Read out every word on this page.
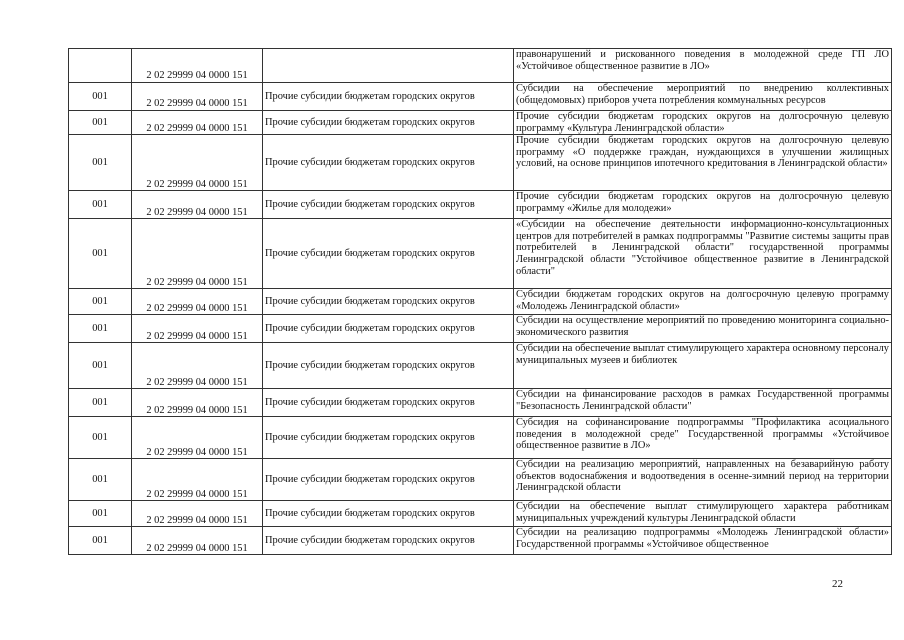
	2 02 29999 04 0000 151		правонарушений и рискованного поведения в молодежной среде ГП ЛО «Устойчивое общественное развитие в ЛО»
001	2 02 29999 04 0000 151	Прочие субсидии бюджетам городских округов	Субсидии на обеспечение мероприятий по внедрению коллективных (общедомовых) приборов учета потребления коммунальных ресурсов
001	2 02 29999 04 0000 151	Прочие субсидии бюджетам городских округов	Прочие субсидии бюджетам городских округов на долгосрочную целевую программу «Культура Ленинградской области»
001	2 02 29999 04 0000 151	Прочие субсидии бюджетам городских округов	Прочие субсидии бюджетам городских округов на долгосрочную целевую программу «О поддержке граждан, нуждающихся в улучшении жилищных условий, на основе принципов ипотечного кредитования в Ленинградской области»
001	2 02 29999 04 0000 151	Прочие субсидии бюджетам городских округов	Прочие субсидии бюджетам городских округов на долгосрочную целевую программу «Жилье для молодежи»
001	2 02 29999 04 0000 151	Прочие субсидии бюджетам городских округов	«Субсидии на обеспечение деятельности информационно-консультационных центров для потребителей в рамках подпрограммы "Развитие системы защиты прав потребителей в Ленинградской области" государственной программы Ленинградской области "Устойчивое общественное развитие в Ленинградской области"
001	2 02 29999 04 0000 151	Прочие субсидии бюджетам городских округов	Субсидии бюджетам городских округов на долгосрочную целевую программу «Молодежь Ленинградской области»
001	2 02 29999 04 0000 151	Прочие субсидии бюджетам городских округов	Субсидии на осуществление мероприятий по проведению мониторинга социально-экономического развития
001	2 02 29999 04 0000 151	Прочие субсидии бюджетам городских округов	Субсидии на обеспечение выплат стимулирующего характера основному персоналу муниципальных музеев и библиотек
001	2 02 29999 04 0000 151	Прочие субсидии бюджетам городских округов	Субсидии на финансирование расходов в рамках Государственной программы "Безопасность Ленинградской области"
001	2 02 29999 04 0000 151	Прочие субсидии бюджетам городских округов	Субсидия на софинансирование подпрограммы "Профилактика асоциального поведения в молодежной среде" Государственной программы «Устойчивое общественное развитие в ЛО»
001	2 02 29999 04 0000 151	Прочие субсидии бюджетам городских округов	Субсидии на реализацию мероприятий, направленных на безаварийную работу объектов водоснабжения и водоотведения в осенне-зимний период на территории Ленинградской области
001	2 02 29999 04 0000 151	Прочие субсидии бюджетам городских округов	Субсидии на обеспечение выплат стимулирующего характера работникам муниципальных учреждений культуры Ленинградской области
001	2 02 29999 04 0000 151	Прочие субсидии бюджетам городских округов	Субсидии на реализацию подпрограммы «Молодежь Ленинградской области» Государственной программы «Устойчивое общественное
22
